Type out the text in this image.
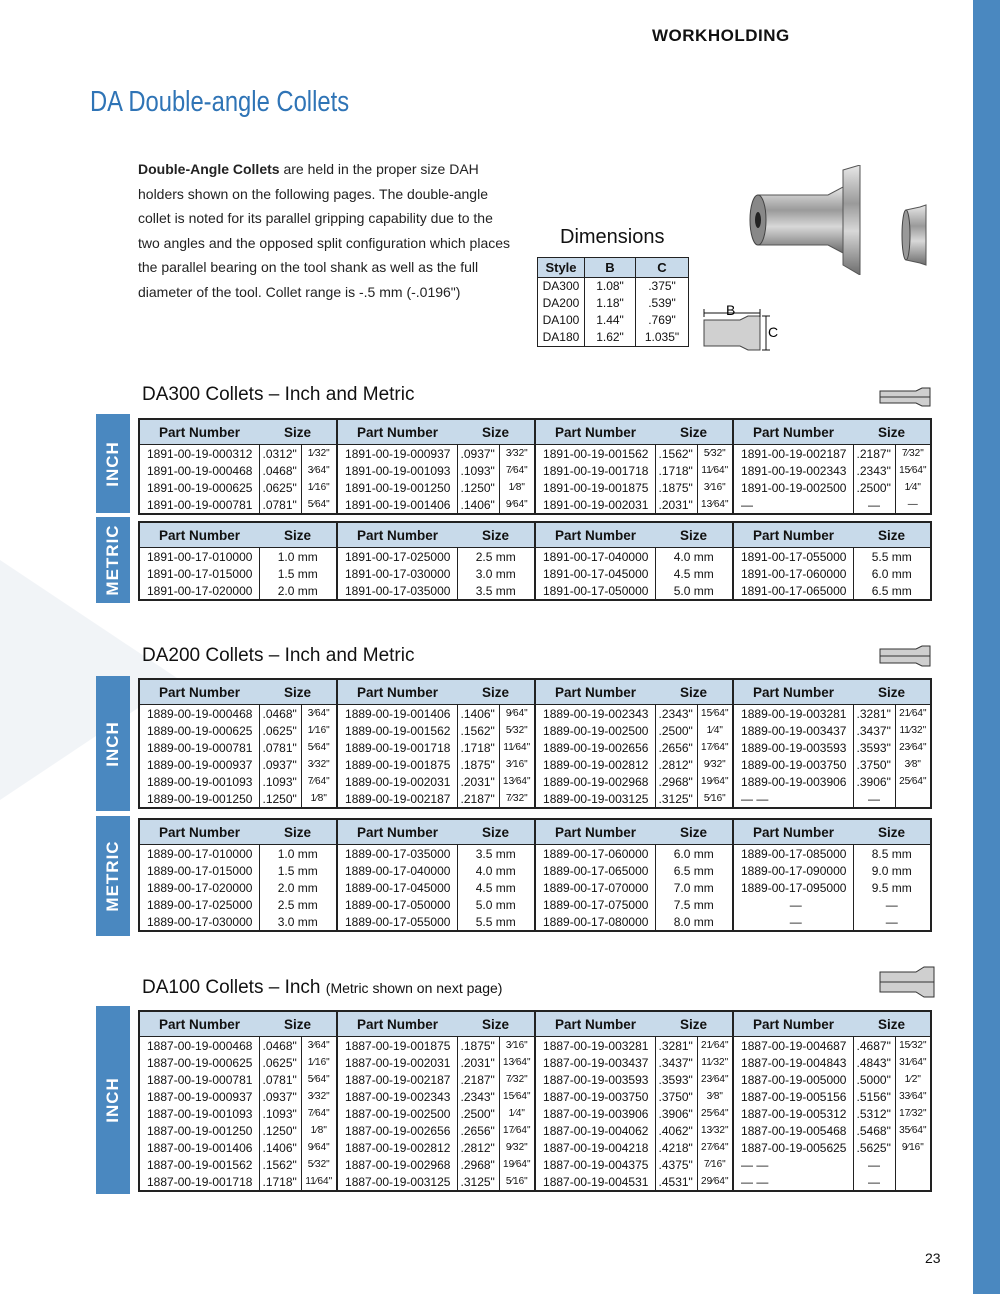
WORKHOLDING
DA Double-angle Collets
Double-Angle Collets are held in the proper size DAH holders shown on the following pages. The double-angle collet is noted for its parallel gripping capability due to the two angles and the opposed split configuration which places the parallel bearing on the tool shank as well as the full diameter of the tool. Collet range is -.5 mm (-.0196")
Dimensions
Style	B	C
DA300	1.08"	.375"
DA200	1.18"	.539"
DA100	1.44"	.769"
DA180	1.62"	1.035"
B
C
DA300 Collets – Inch and Metric
INCH
METRIC
Part Number	Size		Part Number	Size		Part Number	Size		Part Number	Size	
1891-00-19-000312	.0312"	1⁄32"	1891-00-19-000937	.0937"	3⁄32"	1891-00-19-001562	.1562"	5⁄32"	1891-00-19-002187	.2187"	7⁄32"
1891-00-19-000468	.0468"	3⁄64"	1891-00-19-001093	.1093"	7⁄64"	1891-00-19-001718	.1718"	11⁄64"	1891-00-19-002343	.2343"	15⁄64"
1891-00-19-000625	.0625"	1⁄16"	1891-00-19-001250	.1250"	1⁄8"	1891-00-19-001875	.1875"	3⁄16"	1891-00-19-002500	.2500"	1⁄4"
1891-00-19-000781	.0781"	5⁄64"	1891-00-19-001406	.1406"	9⁄64"	1891-00-19-002031	.2031"	13⁄64"	—	—	—
Part Number	Size	Part Number	Size	Part Number	Size	Part Number	Size
1891-00-17-010000	1.0 mm	1891-00-17-025000	2.5 mm	1891-00-17-040000	4.0 mm	1891-00-17-055000	5.5 mm
1891-00-17-015000	1.5 mm	1891-00-17-030000	3.0 mm	1891-00-17-045000	4.5 mm	1891-00-17-060000	6.0 mm
1891-00-17-020000	2.0 mm	1891-00-17-035000	3.5 mm	1891-00-17-050000	5.0 mm	1891-00-17-065000	6.5 mm
DA200 Collets – Inch and Metric
INCH
METRIC
Part Number	Size		Part Number	Size		Part Number	Size		Part Number	Size	
1889-00-19-000468	.0468"	3⁄64"	1889-00-19-001406	.1406"	9⁄64"	1889-00-19-002343	.2343"	15⁄64"	1889-00-19-003281	.3281"	21⁄64"
1889-00-19-000625	.0625"	1⁄16"	1889-00-19-001562	.1562"	5⁄32"	1889-00-19-002500	.2500"	1⁄4"	1889-00-19-003437	.3437"	11⁄32"
1889-00-19-000781	.0781"	5⁄64"	1889-00-19-001718	.1718"	11⁄64"	1889-00-19-002656	.2656"	17⁄64"	1889-00-19-003593	.3593"	23⁄64"
1889-00-19-000937	.0937"	3⁄32"	1889-00-19-001875	.1875"	3⁄16"	1889-00-19-002812	.2812"	9⁄32"	1889-00-19-003750	.3750"	3⁄8"
1889-00-19-001093	.1093"	7⁄64"	1889-00-19-002031	.2031"	13⁄64"	1889-00-19-002968	.2968"	19⁄64"	1889-00-19-003906	.3906"	25⁄64"
1889-00-19-001250	.1250"	1⁄8"	1889-00-19-002187	.2187"	7⁄32"	1889-00-19-003125	.3125"	5⁄16"	— —	—	
Part Number	Size	Part Number	Size	Part Number	Size	Part Number	Size
1889-00-17-010000	1.0 mm	1889-00-17-035000	3.5 mm	1889-00-17-060000	6.0 mm	1889-00-17-085000	8.5 mm
1889-00-17-015000	1.5 mm	1889-00-17-040000	4.0 mm	1889-00-17-065000	6.5 mm	1889-00-17-090000	9.0 mm
1889-00-17-020000	2.0 mm	1889-00-17-045000	4.5 mm	1889-00-17-070000	7.0 mm	1889-00-17-095000	9.5 mm
1889-00-17-025000	2.5 mm	1889-00-17-050000	5.0 mm	1889-00-17-075000	7.5 mm	—	—
1889-00-17-030000	3.0 mm	1889-00-17-055000	5.5 mm	1889-00-17-080000	8.0 mm	—	—
DA100 Collets – Inch (Metric shown on next page)
INCH
Part Number	Size		Part Number	Size		Part Number	Size		Part Number	Size	
1887-00-19-000468	.0468"	3⁄64"	1887-00-19-001875	.1875"	3⁄16"	1887-00-19-003281	.3281"	21⁄64"	1887-00-19-004687	.4687"	15⁄32"
1887-00-19-000625	.0625"	1⁄16"	1887-00-19-002031	.2031"	13⁄64"	1887-00-19-003437	.3437"	11⁄32"	1887-00-19-004843	.4843"	31⁄64"
1887-00-19-000781	.0781"	5⁄64"	1887-00-19-002187	.2187"	7⁄32"	1887-00-19-003593	.3593"	23⁄64"	1887-00-19-005000	.5000"	1⁄2"
1887-00-19-000937	.0937"	3⁄32"	1887-00-19-002343	.2343"	15⁄64"	1887-00-19-003750	.3750"	3⁄8"	1887-00-19-005156	.5156"	33⁄64"
1887-00-19-001093	.1093"	7⁄64"	1887-00-19-002500	.2500"	1⁄4"	1887-00-19-003906	.3906"	25⁄64"	1887-00-19-005312	.5312"	17⁄32"
1887-00-19-001250	.1250"	1⁄8"	1887-00-19-002656	.2656"	17⁄64"	1887-00-19-004062	.4062"	13⁄32"	1887-00-19-005468	.5468"	35⁄64"
1887-00-19-001406	.1406"	9⁄64"	1887-00-19-002812	.2812"	9⁄32"	1887-00-19-004218	.4218"	27⁄64"	1887-00-19-005625	.5625"	9⁄16"
1887-00-19-001562	.1562"	5⁄32"	1887-00-19-002968	.2968"	19⁄64"	1887-00-19-004375	.4375"	7⁄16"	— —	—	
1887-00-19-001718	.1718"	11⁄64"	1887-00-19-003125	.3125"	5⁄16"	1887-00-19-004531	.4531"	29⁄64"	— —	—	
23
